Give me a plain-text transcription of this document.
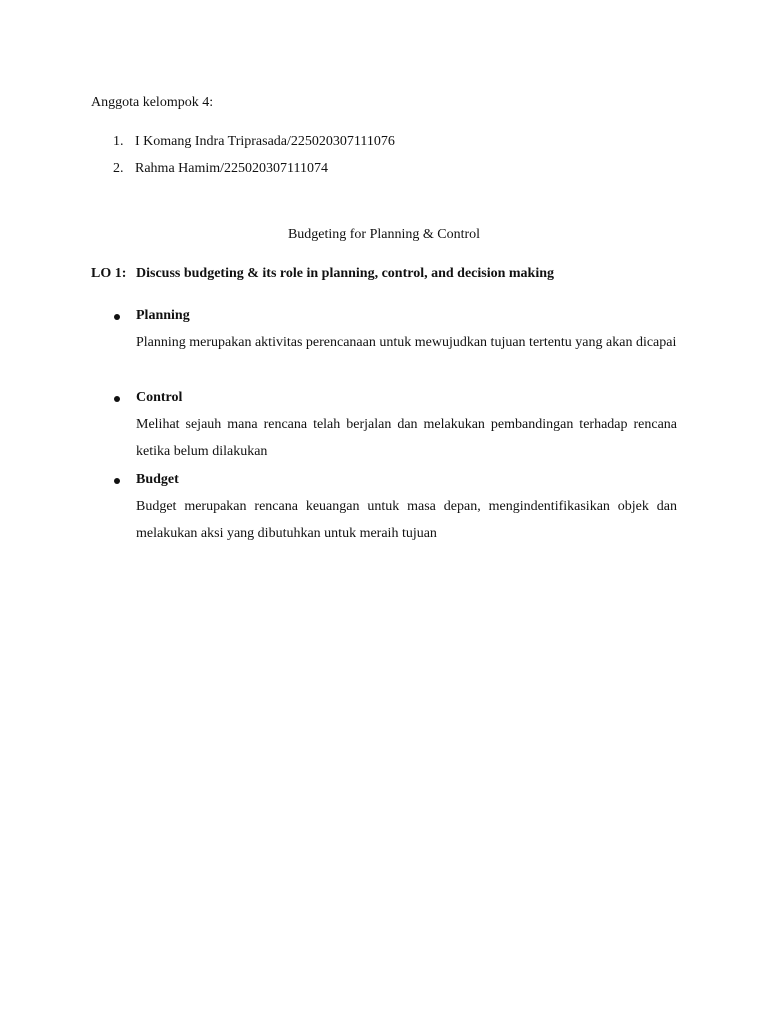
Anggota kelompok 4:
1. I Komang Indra Triprasada/225020307111076
2. Rahma Hamim/225020307111074
Budgeting for Planning & Control
LO 1: Discuss budgeting & its role in planning, control, and decision making
Planning
Planning merupakan aktivitas perencanaan untuk mewujudkan tujuan tertentu yang akan dicapai
Control
Melihat sejauh mana rencana telah berjalan dan melakukan pembandingan terhadap rencana ketika belum dilakukan
Budget
Budget merupakan rencana keuangan untuk masa depan, mengindentifikasikan objek dan melakukan aksi yang dibutuhkan untuk meraih tujuan
